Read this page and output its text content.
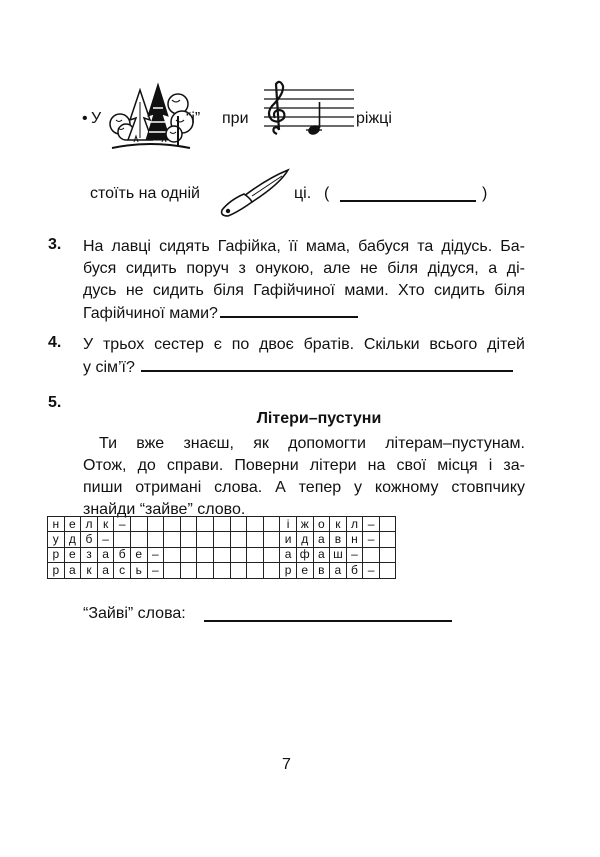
• У	“і” при	ріжці
стоїть на одній	ці. (	)
3. На лавці сидять Гафійка, її мама, бабуся та дідусь. Ба-
буся сидить поруч з онукою, але не біля дідуся, а ді-
дусь не сидить біля Гафійчиної мами. Хто сидить біля
Гафійчиної мами?
4. У трьох сестер є по двоє братів. Скільки всього дітей
у сім’ї?
5.
Літери–пустуни
Ти вже знаєш, як допомогти літерам–пустунам.
Отож, до справи. Поверни літери на свої місця і за-
пиши отримані слова. А тепер у кожному стовпчику
знайди “зайве” слово.
н	е	л	к	–										і	ж	о	к	л	–	
у	д	б	–											и	д	а	в	н	–	
р	е	з	а	б	е	–								а	ф	а	ш	–		
р	а	к	а	с	ь	–								р	е	в	а	б	–	
“Зайві” слова:
7
